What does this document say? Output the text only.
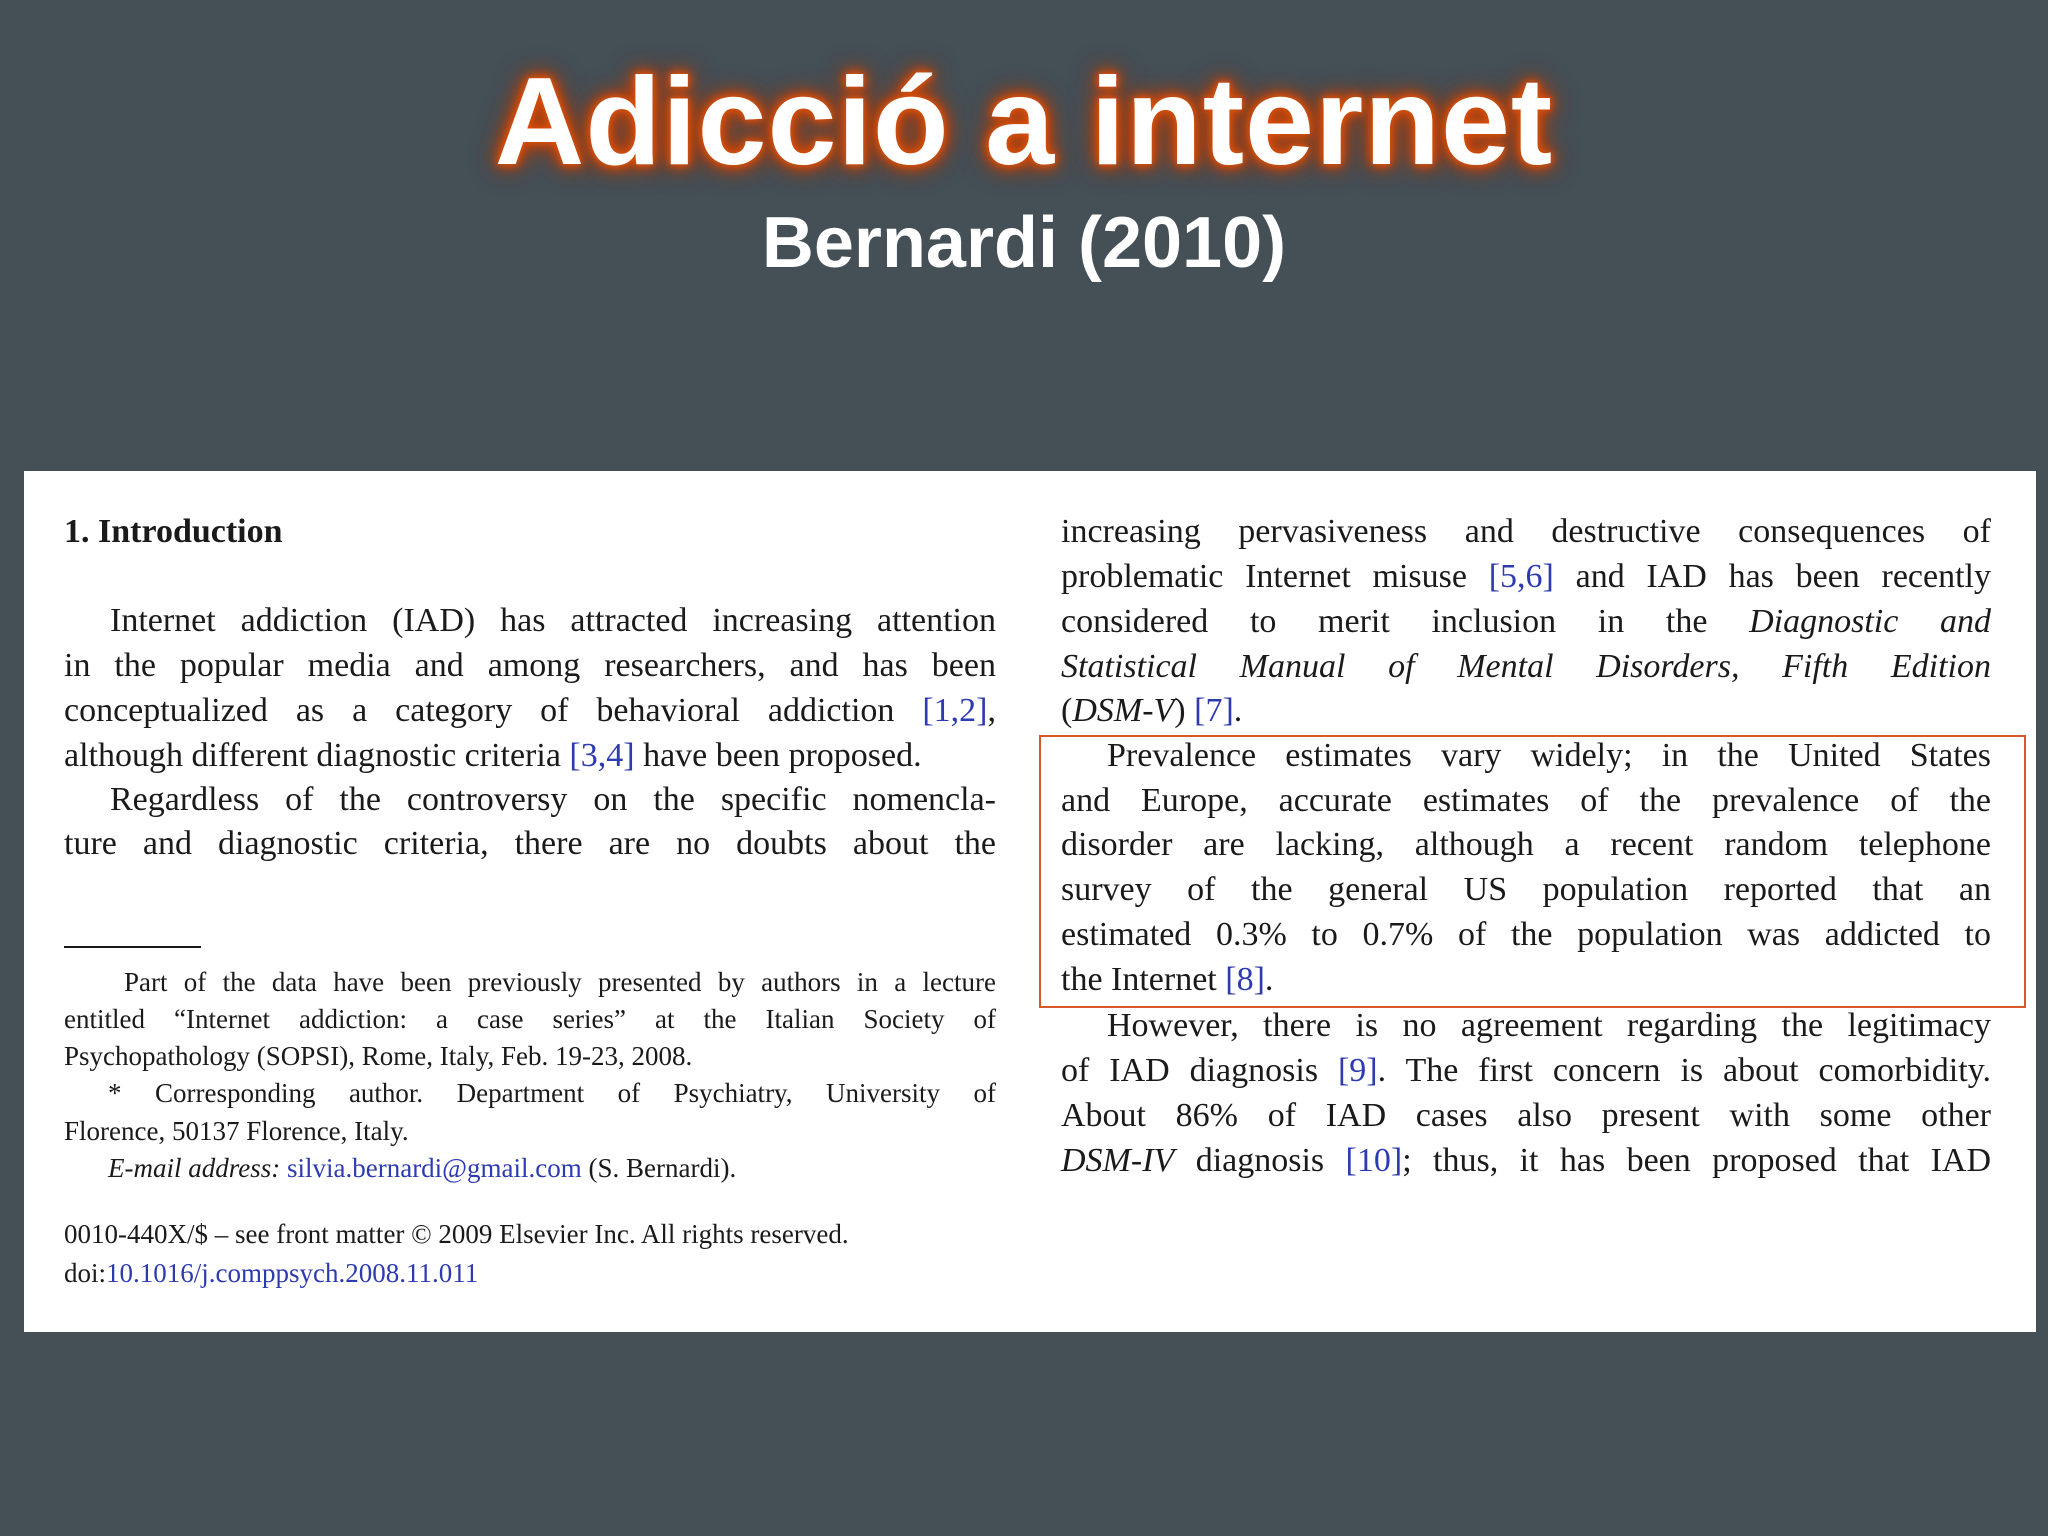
Adicció a internet
Bernardi (2010)
1. Introduction
Internet addiction (IAD) has attracted increasing attention
in the popular media and among researchers, and has been
conceptualized as a category of behavioral addiction [1,2],
although different diagnostic criteria [3,4] have been proposed.
Regardless of the controversy on the specific nomencla-
ture and diagnostic criteria, there are no doubts about the
Part of the data have been previously presented by authors in a lecture
entitled “Internet addiction: a case series” at the Italian Society of
Psychopathology (SOPSI), Rome, Italy, Feb. 19-23, 2008.
* Corresponding author. Department of Psychiatry, University of
Florence, 50137 Florence, Italy.
E-mail address: silvia.bernardi@gmail.com (S. Bernardi).
0010-440X/$ – see front matter © 2009 Elsevier Inc. All rights reserved.
doi:10.1016/j.comppsych.2008.11.011
increasing pervasiveness and destructive consequences of
problematic Internet misuse [5,6] and IAD has been recently
considered to merit inclusion in the Diagnostic and
Statistical Manual of Mental Disorders, Fifth Edition
(DSM-V) [7].
Prevalence estimates vary widely; in the United States
and Europe, accurate estimates of the prevalence of the
disorder are lacking, although a recent random telephone
survey of the general US population reported that an
estimated 0.3% to 0.7% of the population was addicted to
the Internet [8].
However, there is no agreement regarding the legitimacy
of IAD diagnosis [9]. The first concern is about comorbidity.
About 86% of IAD cases also present with some other
DSM-IV diagnosis [10]; thus, it has been proposed that IAD
